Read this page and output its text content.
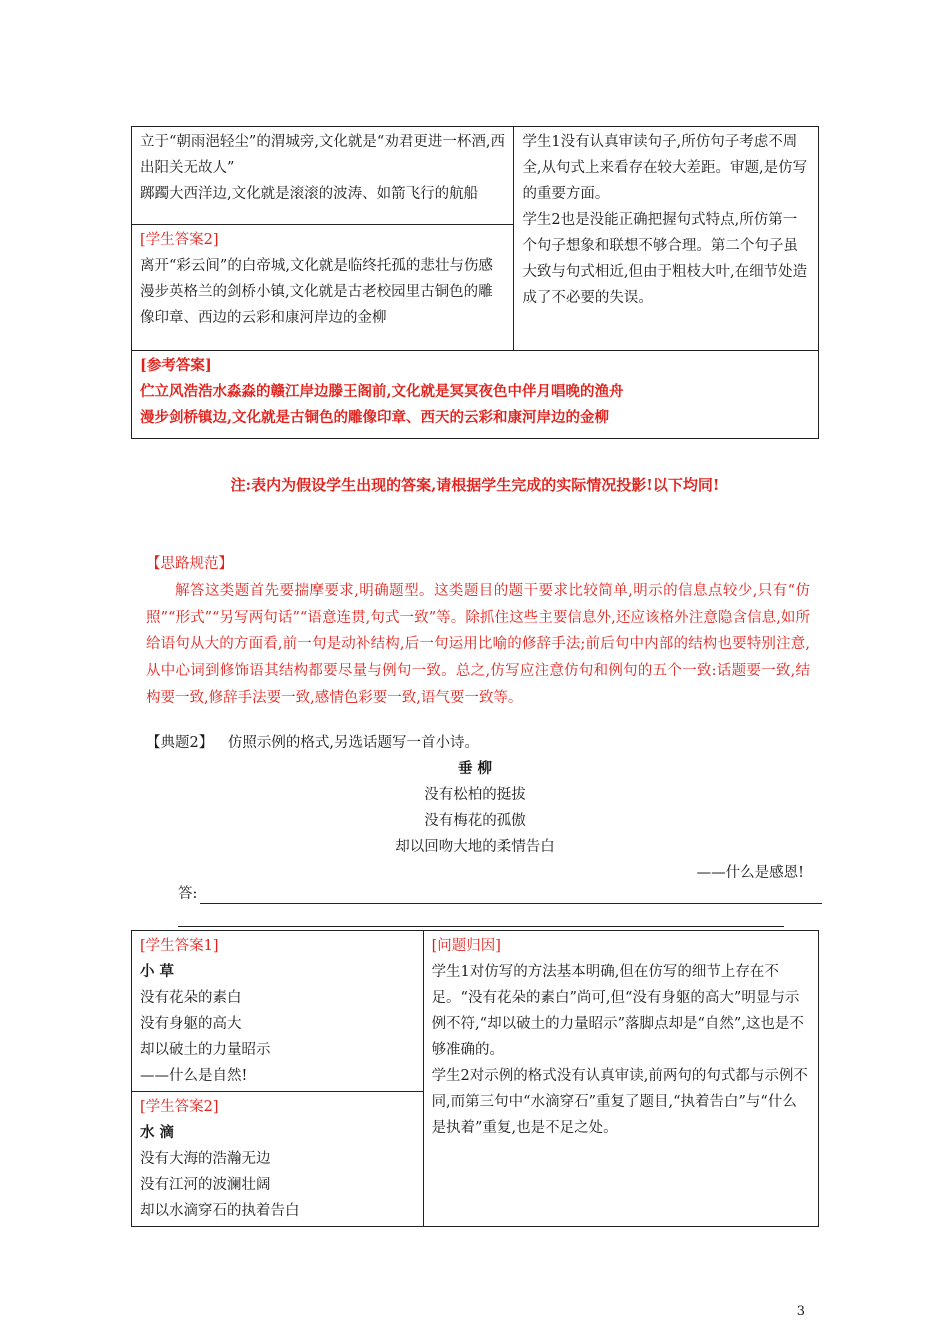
立于“朝雨浥轻尘”的渭城旁,文化就是“劝君更进一杯酒,西出阳关无故人”
踯躅大西洋边,文化就是滚滚的波涛、如箭飞行的航船

学生1没有认真审读句子,所仿句子考虑不周全,从句式上来看存在较大差距。审题,是仿写的重要方面。
学生2也是没能正确把握句式特点,所仿第一个句子想象和联想不够合理。第二个句子虽大致与句式相近,但由于粗枝大叶,在细节处造成了不必要的失误。

[学生答案2]
离开“彩云间”的白帝城,文化就是临终托孤的悲壮与伤感
漫步英格兰的剑桥小镇,文化就是古老校园里古铜色的雕像印章、西边的云彩和康河岸边的金柳

[参考答案]
伫立风浩浩水淼淼的赣江岸边滕王阁前,文化就是冥冥夜色中伴月唱晚的渔舟
漫步剑桥镇边,文化就是古铜色的雕像印章、西天的云彩和康河岸边的金柳
注:表内为假设学生出现的答案,请根据学生完成的实际情况投影!以下均同!
【思路规范】
解答这类题首先要揣摩要求,明确题型。这类题目的题干要求比较简单,明示的信息点较少,只有“仿照”“形式”“另写两句话”“语意连贯,句式一致”等。除抓住这些主要信息外,还应该格外注意隐含信息,如所给语句从大的方面看,前一句是动补结构,后一句运用比喻的修辞手法;前后句中内部的结构也要特别注意,从中心词到修饰语其结构都要尽量与例句一致。总之,仿写应注意仿句和例句的五个一致:话题要一致,结构要一致,修辞手法要一致,感情色彩要一致,语气要一致等。
【典题2】 仿照示例的格式,另选话题写一首小诗。
垂 柳
没有松柏的挺拔
没有梅花的孤傲
却以回吻大地的柔情告白
——什么是感恩!
答:
[学生答案1]
小 草
没有花朵的素白
没有身躯的高大
却以破土的力量昭示
——什么是自然!

[问题归因]
学生1对仿写的方法基本明确,但在仿写的细节上存在不足。“没有花朵的素白”尚可,但“没有身躯的高大”明显与示例不符,“却以破土的力量昭示”落脚点却是“自然”,这也是不够准确的。
学生2对示例的格式没有认真审读,前两句的句式都与示例不同,而第三句中“水滴穿石”重复了题目,“执着告白”与“什么是执着”重复,也是不足之处。

[学生答案2]
水 滴
没有大海的浩瀚无边
没有江河的波澜壮阔
却以水滴穿石的执着告白
3
